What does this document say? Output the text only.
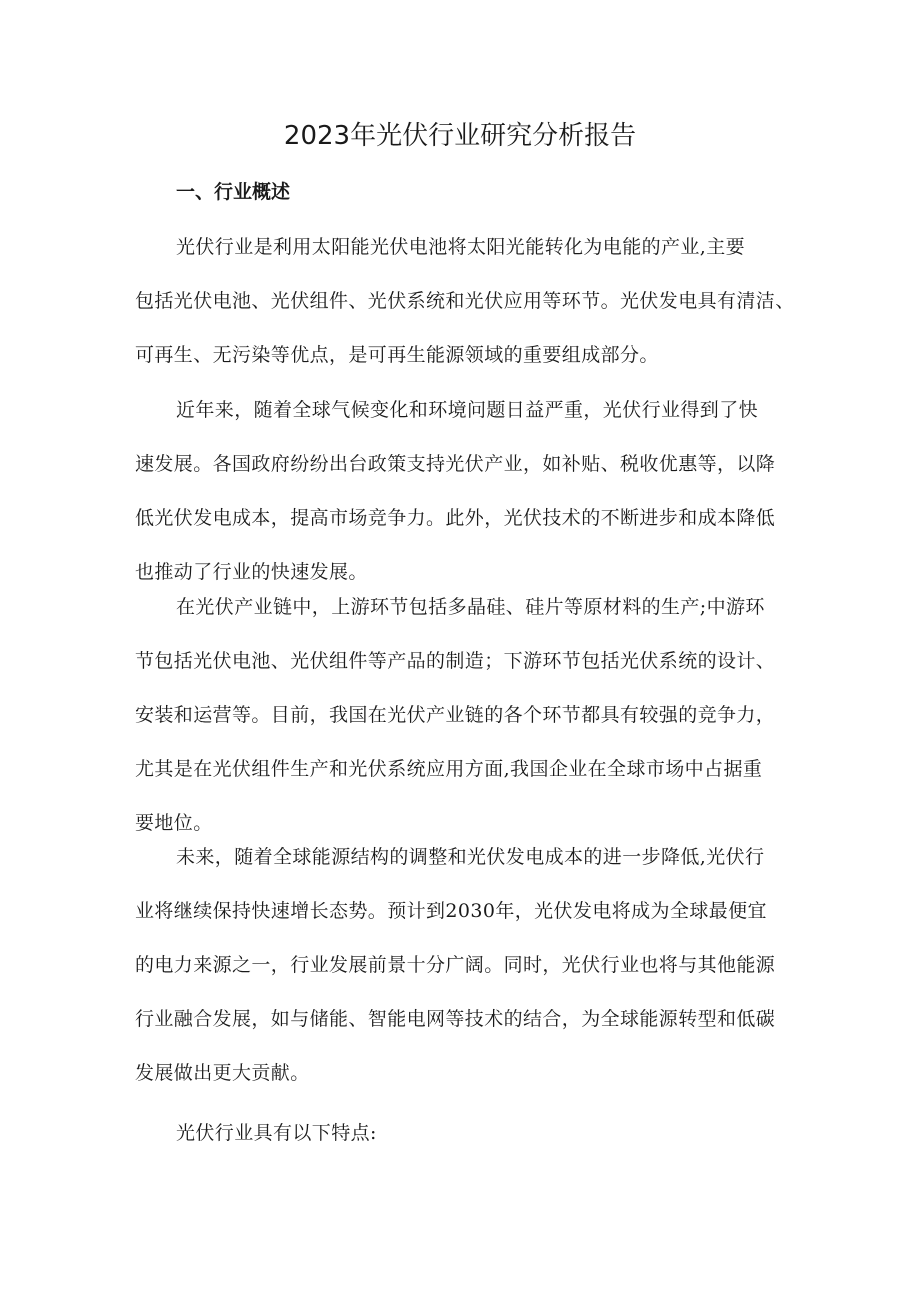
2023年光伏行业研究分析报告
一、行业概述
光伏行业是利用太阳能光伏电池将太阳光能转化为电能的产业,主要
包括光伏电池、光伏组件、光伏系统和光伏应用等环节。光伏发电具有清洁、
可再生、无污染等优点，是可再生能源领域的重要组成部分。
近年来，随着全球气候变化和环境问题日益严重，光伏行业得到了快
速发展。各国政府纷纷出台政策支持光伏产业，如补贴、税收优惠等，以降
低光伏发电成本，提高市场竞争力。此外，光伏技术的不断进步和成本降低
也推动了行业的快速发展。
在光伏产业链中，上游环节包括多晶硅、硅片等原材料的生产;中游环
节包括光伏电池、光伏组件等产品的制造；下游环节包括光伏系统的设计、
安装和运营等。目前，我国在光伏产业链的各个环节都具有较强的竞争力，
尤其是在光伏组件生产和光伏系统应用方面,我国企业在全球市场中占据重
要地位。
未来，随着全球能源结构的调整和光伏发电成本的进一步降低,光伏行
业将继续保持快速增长态势。预计到2030年，光伏发电将成为全球最便宜
的电力来源之一，行业发展前景十分广阔。同时，光伏行业也将与其他能源
行业融合发展，如与储能、智能电网等技术的结合，为全球能源转型和低碳
发展做出更大贡献。
光伏行业具有以下特点:
